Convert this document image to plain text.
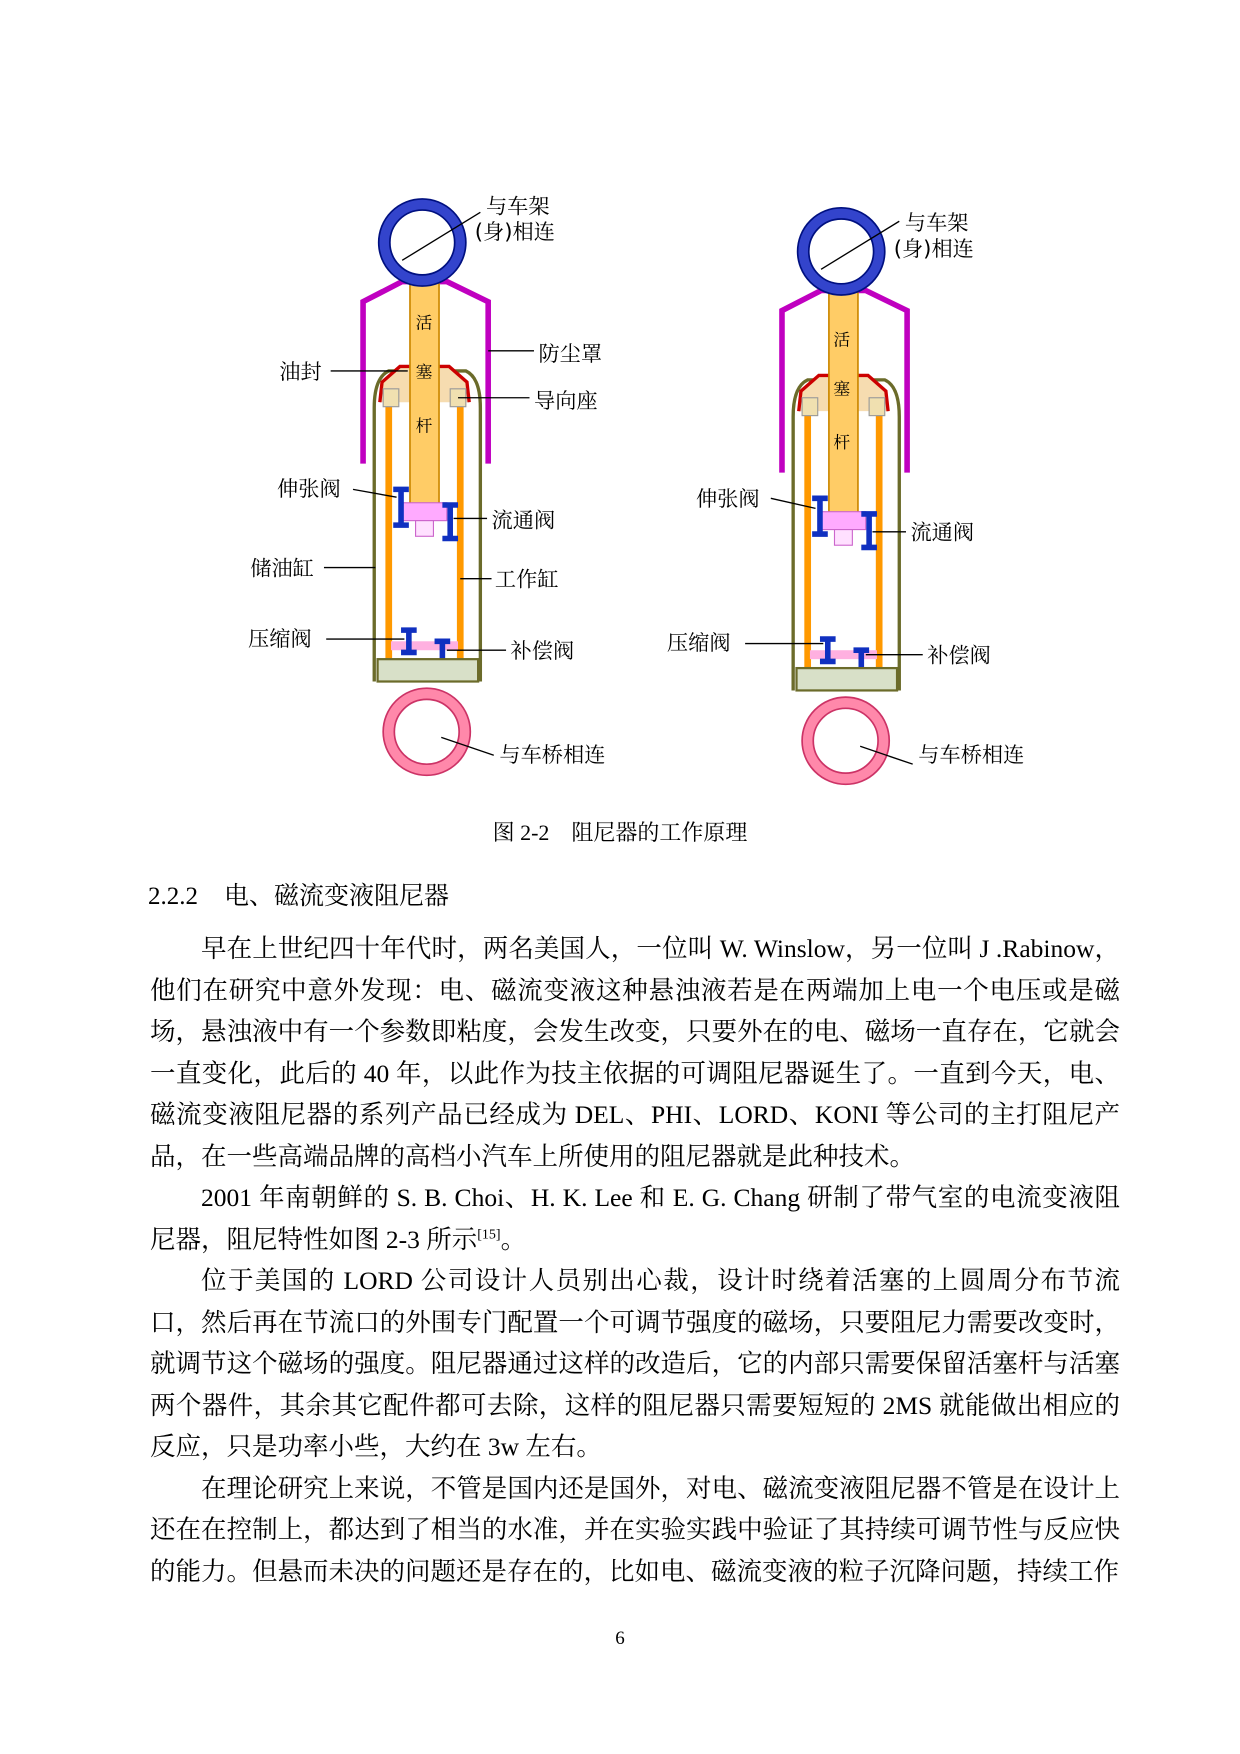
与车架
(身)相连
防尘罩
油封
导向座
伸张阀
流通阀
储油缸	工作缸
压缩阀	补偿阀
与车桥相连
活
塞
杆
与车架
(身)相连
伸张阀
流通阀
压缩阀	补偿阀
与车桥相连
活
塞
杆
图 2-2　阻尼器的工作原理
2.2.2 电、磁流变液阻尼器

早在上世纪四十年代时，两名美国人，一位叫 W. Winslow，另一位叫 J .Rabinow，他们在研究中意外发现：电、磁流变液这种悬浊液若是在两端加上电一个电压或是磁场，悬浊液中有一个参数即粘度，会发生改变，只要外在的电、磁场一直存在，它就会一直变化，此后的 40 年，以此作为技主依据的可调阻尼器诞生了。一直到今天，电、磁流变液阻尼器的系列产品已经成为 DEL、PHI、LORD、KONI 等公司的主打阻尼产品，在一些高端品牌的高档小汽车上所使用的阻尼器就是此种技术。

2001 年南朝鲜的 S. B. Choi、H. K. Lee 和 E. G. Chang 研制了带气室的电流变液阻尼器，阻尼特性如图 2-3 所示[15]。

位于美国的 LORD 公司设计人员别出心裁，设计时绕着活塞的上圆周分布节流口，然后再在节流口的外围专门配置一个可调节强度的磁场，只要阻尼力需要改变时，就调节这个磁场的强度。阻尼器通过这样的改造后，它的内部只需要保留活塞杆与活塞两个器件，其余其它配件都可去除，这样的阻尼器只需要短短的 2MS 就能做出相应的反应，只是功率小些，大约在 3w 左右。

在理论研究上来说，不管是国内还是国外，对电、磁流变液阻尼器不管是在设计上还在在控制上，都达到了相当的水准，并在实验实践中验证了其持续可调节性与反应快的能力。但悬而未决的问题还是存在的，比如电、磁流变液的粒子沉降问题，持续工作

6
